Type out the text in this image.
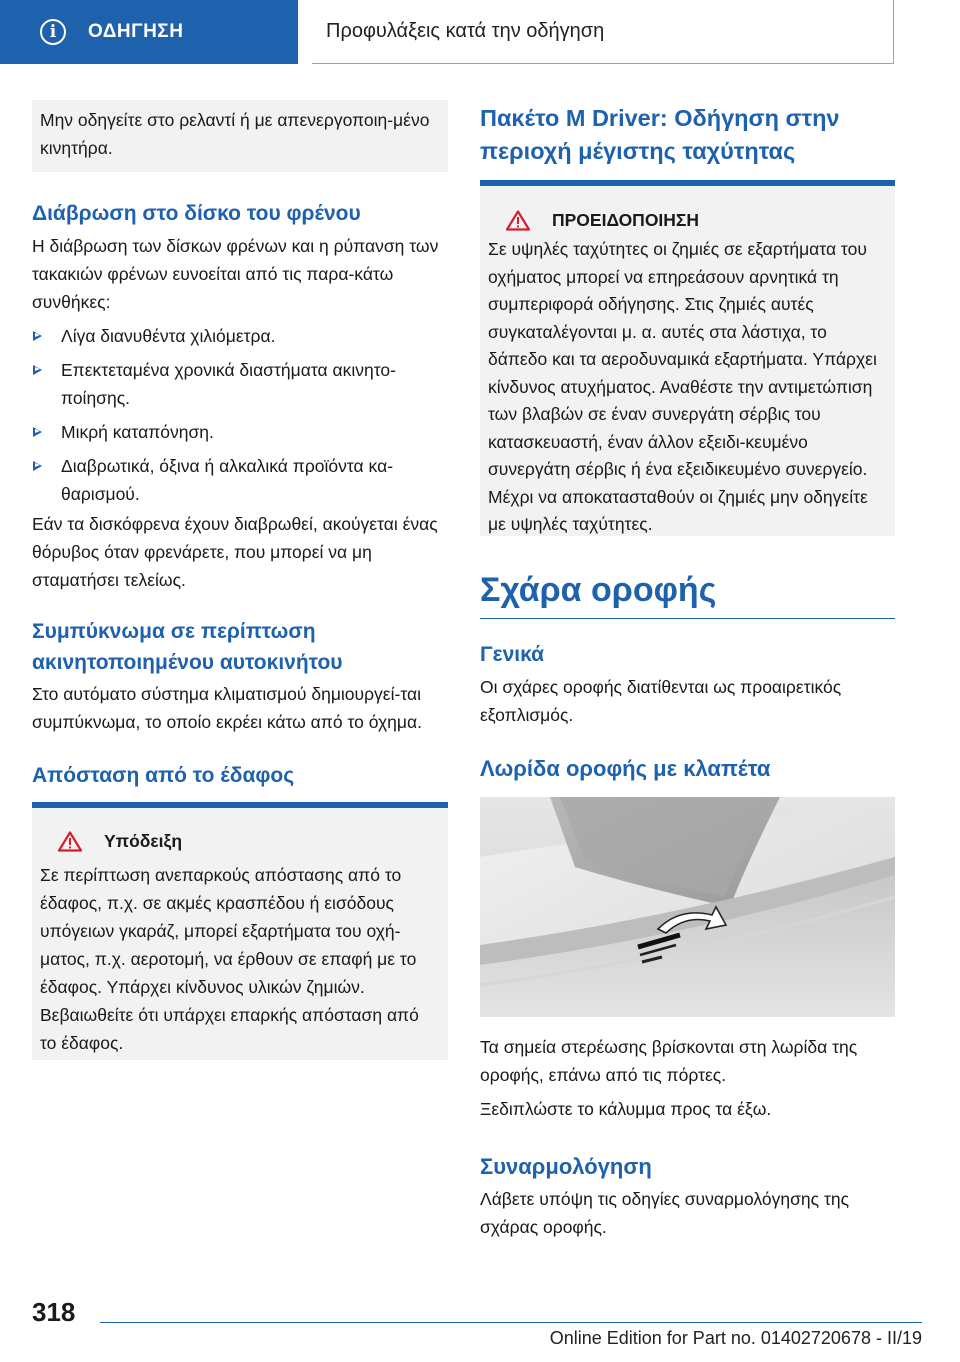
i ΟΔΗΓΗΣΗ	Προφυλάξεις κατά την οδήγηση

Μην οδηγείτε στο ρελαντί ή με απενεργοποιη-μένο κινητήρα.

Διάβρωση στο δίσκο του φρένου

Η διάβρωση των δίσκων φρένων και η ρύπανση των τακακιών φρένων ευνοείται από τις παρα-κάτω συνθήκες:

Λίγα διανυθέντα χιλιόμετρα.
Επεκτεταμένα χρονικά διαστήματα ακινητο-ποίησης.
Μικρή καταπόνηση.
Διαβρωτικά, όξινα ή αλκαλικά προϊόντα κα-θαρισμού.

Εάν τα δισκόφρενα έχουν διαβρωθεί, ακούγεται ένας θόρυβος όταν φρενάρετε, που μπορεί να μη σταματήσει τελείως.

Συμπύκνωμα σε περίπτωση ακινητοποιημένου αυτοκινήτου

Στο αυτόματο σύστημα κλιματισμού δημιουργεί-ται συμπύκνωμα, το οποίο εκρέει κάτω από το όχημα.

Απόσταση από το έδαφος
Υπόδειξη

Σε περίπτωση ανεπαρκούς απόστασης από το έδαφος, π.χ. σε ακμές κρασπέδου ή εισόδους υπόγειων γκαράζ, μπορεί εξαρτήματα του οχή-ματος, π.χ. αεροτομή, να έρθουν σε επαφή με το έδαφος. Υπάρχει κίνδυνος υλικών ζημιών. Βεβαιωθείτε ότι υπάρχει επαρκής απόσταση από το έδαφος.

Πακέτο M Driver: Οδήγηση στην περιοχή μέγιστης ταχύτητας
ΠΡΟΕΙΔΟΠΟΙΗΣΗ

Σε υψηλές ταχύτητες οι ζημιές σε εξαρτήματα του οχήματος μπορεί να επηρεάσουν αρνητικά τη συμπεριφορά οδήγησης. Στις ζημιές αυτές συγκαταλέγονται μ. α. αυτές στα λάστιχα, το δάπεδο και τα αεροδυναμικά εξαρτήματα. Υπάρχει κίνδυνος ατυχήματος. Αναθέστε την αντιμετώπιση των βλαβών σε έναν συνεργάτη σέρβις του κατασκευαστή, έναν άλλον εξειδι-κευμένο συνεργάτη σέρβις ή ένα εξειδικευμένο συνεργείο. Μέχρι να αποκατασταθούν οι ζημιές μην οδηγείτε με υψηλές ταχύτητες.

Σχάρα οροφής
Γενικά

Οι σχάρες οροφής διατίθενται ως προαιρετικός εξοπλισμός.

Λωρίδα οροφής με κλαπέτα

Τα σημεία στερέωσης βρίσκονται στη λωρίδα της οροφής, επάνω από τις πόρτες.

Ξεδιπλώστε το κάλυμμα προς τα έξω.

Συναρμολόγηση

Λάβετε υπόψη τις οδηγίες συναρμολόγησης της σχάρας οροφής.

318
Online Edition for Part no. 01402720678 - II/19
